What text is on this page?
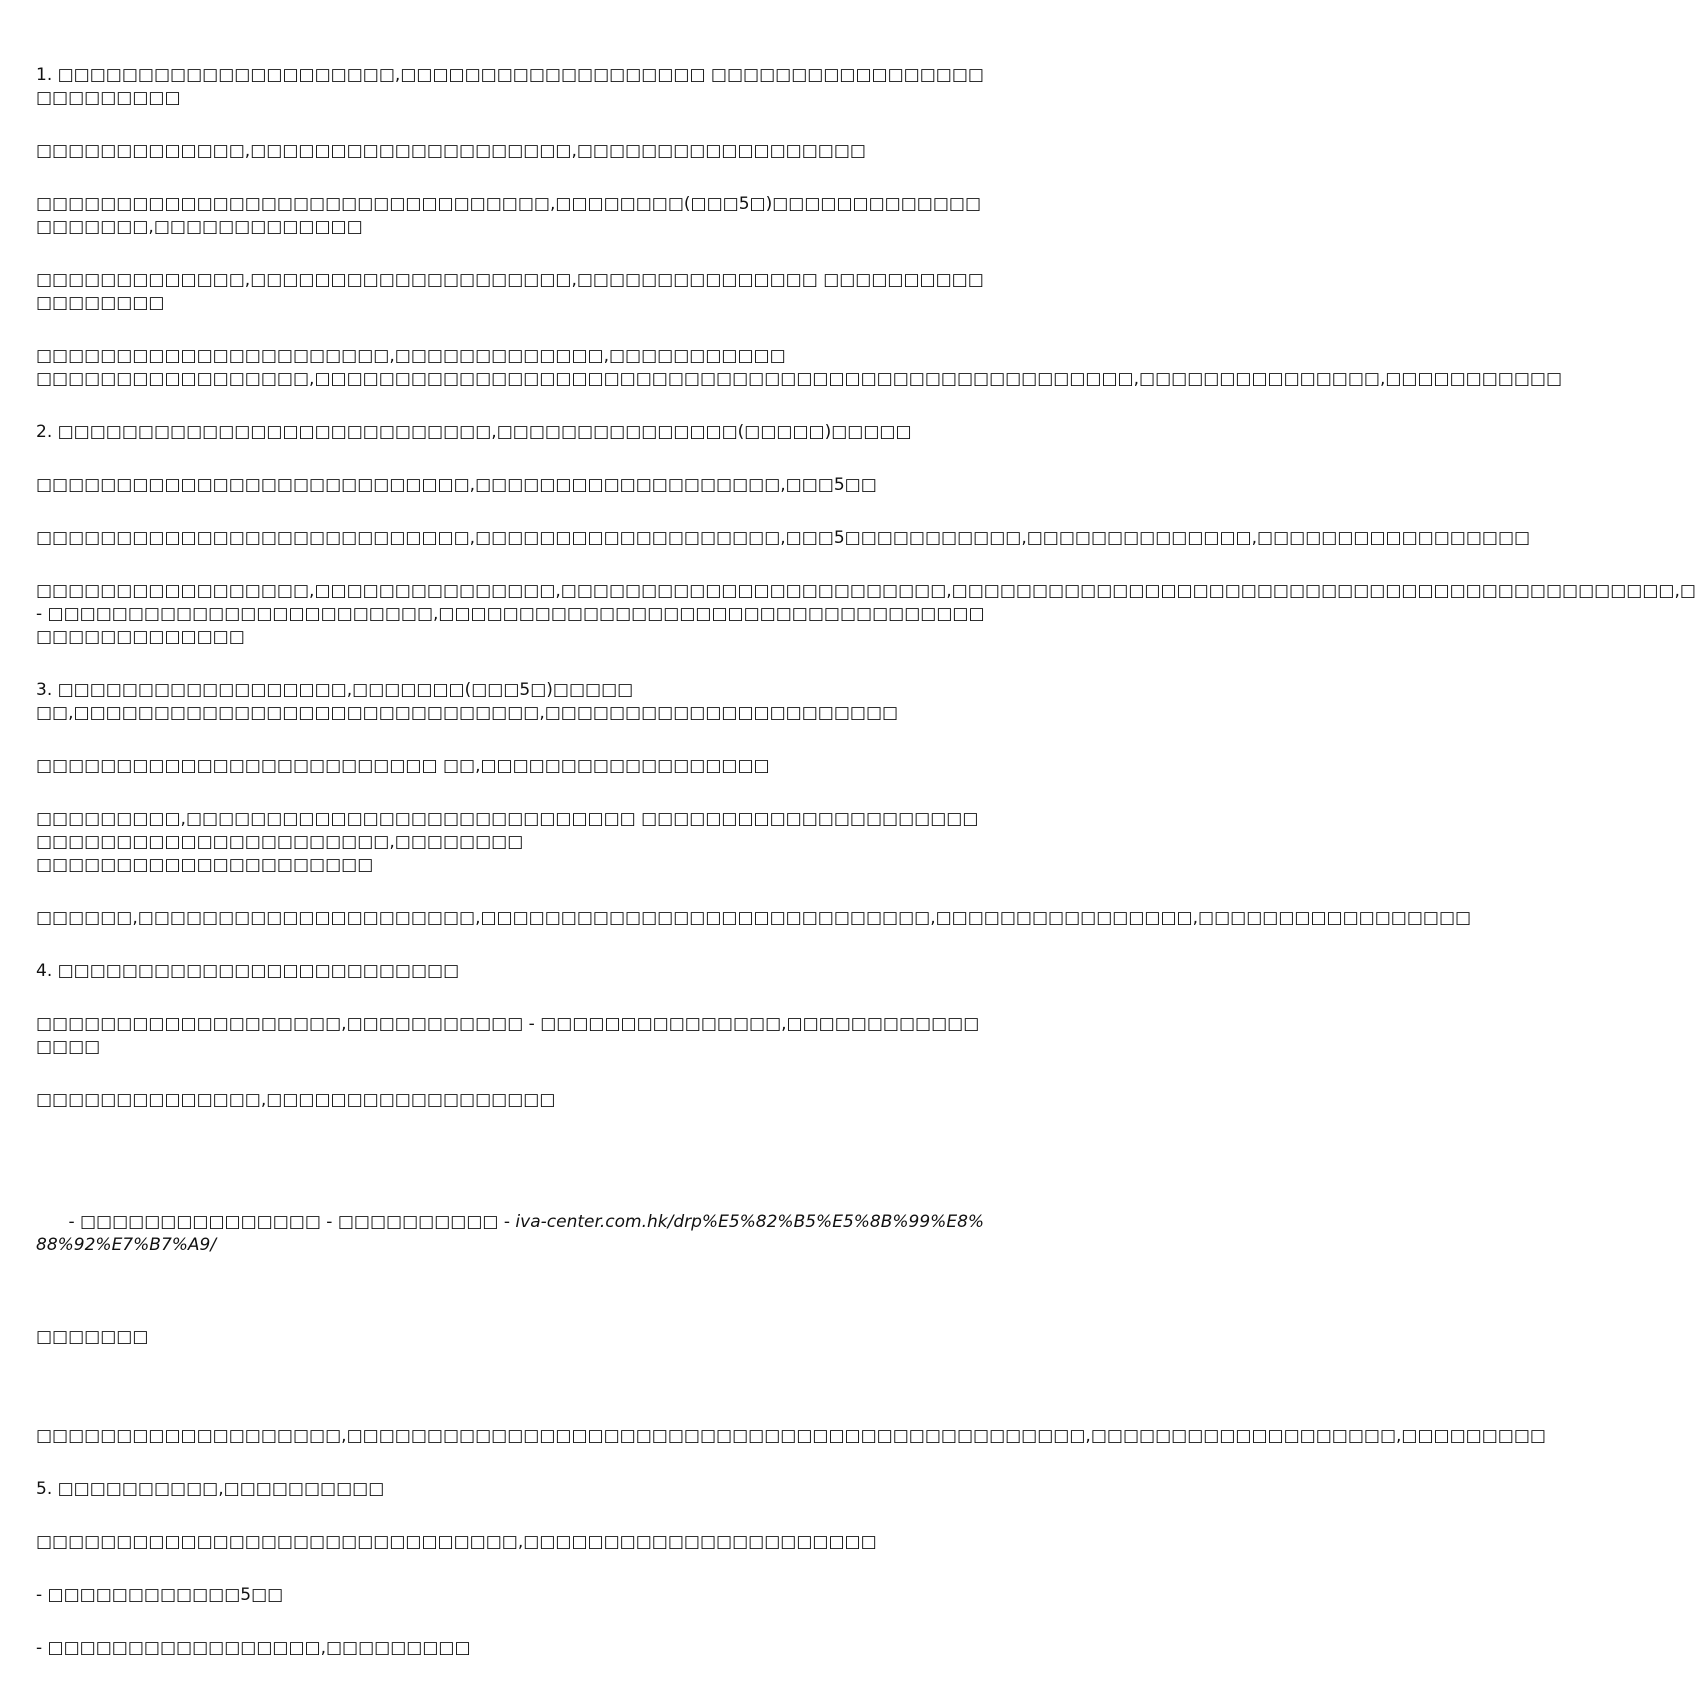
1. □□□□□□□□□□□□□□□□□□□□□,□□□□□□□□□□□□□□□□□□□ □□□□□□□□□□□□□□□□□□□□□□□□□□

□□□□□□□□□□□□□,□□□□□□□□□□□□□□□□□□□□,□□□□□□□□□□□□□□□□□□

□□□□□□□□□□□□□□□□□□□□□□□□□□□□□□□□,□□□□□□□□(□□□5□)□□□□□□□□□□□□□□□□□□□□,□□□□□□□□□□□□□

□□□□□□□□□□□□□,□□□□□□□□□□□□□□□□□□□□,□□□□□□□□□□□□□□□ □□□□□□□□□□□□□□□□□□

□□□□□□□□□□□□□□□□□□□□□□,□□□□□□□□□□□□□,□□□□□□□□□□□
□□□□□□□□□□□□□□□□□,□□□□□□□□□□□□□□□□□□□□□□□□□□□□□□□□□□□□□□□□□□□□□□□□□□□,□□□□□□□□□□□□□□□,□□□□□□□□□□□

2. □□□□□□□□□□□□□□□□□□□□□□□□□□□,□□□□□□□□□□□□□□□(□□□□□)□□□□□

□□□□□□□□□□□□□□□□□□□□□□□□□□□,□□□□□□□□□□□□□□□□□□□,□□□5□□

□□□□□□□□□□□□□□□□□□□□□□□□□□□,□□□□□□□□□□□□□□□□□□□,□□□5□□□□□□□□□□□,□□□□□□□□□□□□□□,□□□□□□□□□□□□□□□□□

□□□□□□□□□□□□□□□□□,□□□□□□□□□□□□□□□,□□□□□□□□□□□□□□□□□□□□□□□□,□□□□□□□□□□□□□□□□□□□□□□□□□□□□□□□□□□□□□□□□□□□□□,□
- □□□□□□□□□□□□□□□□□□□□□□□□,□□□□□□□□□□□□□□□□□□□□□□□□□□□□□□□□□□□□□□□□□□□□□□□

3. □□□□□□□□□□□□□□□□□□,□□□□□□□(□□□5□)□□□□□
□□,□□□□□□□□□□□□□□□□□□□□□□□□□□□□□,□□□□□□□□□□□□□□□□□□□□□□

□□□□□□□□□□□□□□□□□□□□□□□□□ □□,□□□□□□□□□□□□□□□□□□

□□□□□□□□□,□□□□□□□□□□□□□□□□□□□□□□□□□□□□ □□□□□□□□□□□□□□□□□□□□□□□□□□□□□□□□□□□□□□□□□□□,□□□□□□□□
□□□□□□□□□□□□□□□□□□□□□

□□□□□□,□□□□□□□□□□□□□□□□□□□□□,□□□□□□□□□□□□□□□□□□□□□□□□□□□□,□□□□□□□□□□□□□□□□,□□□□□□□□□□□□□□□□□

4. □□□□□□□□□□□□□□□□□□□□□□□□□

□□□□□□□□□□□□□□□□□□□,□□□□□□□□□□□ - □□□□□□□□□□□□□□□,□□□□□□□□□□□□□□□□

□□□□□□□□□□□□□□,□□□□□□□□□□□□□□□□□□

- □□□□□□□□□□□□□□□ - □□□□□□□□□□ - iva-center.com.hk/drp%E5%82%B5%E5%8B%99%E8%88%92%E7%B7%A9/

□□□□□□□

□□□□□□□□□□□□□□□□□□□,□□□□□□□□□□□□□□□□□□□□□□□□□□□□□□□□□□□□□□□□□□□□□□,□□□□□□□□□□□□□□□□□□□,□□□□□□□□□

5. □□□□□□□□□□,□□□□□□□□□□

□□□□□□□□□□□□□□□□□□□□□□□□□□□□□□,□□□□□□□□□□□□□□□□□□□□□□

- □□□□□□□□□□□□5□□

- □□□□□□□□□□□□□□□□□,□□□□□□□□□
